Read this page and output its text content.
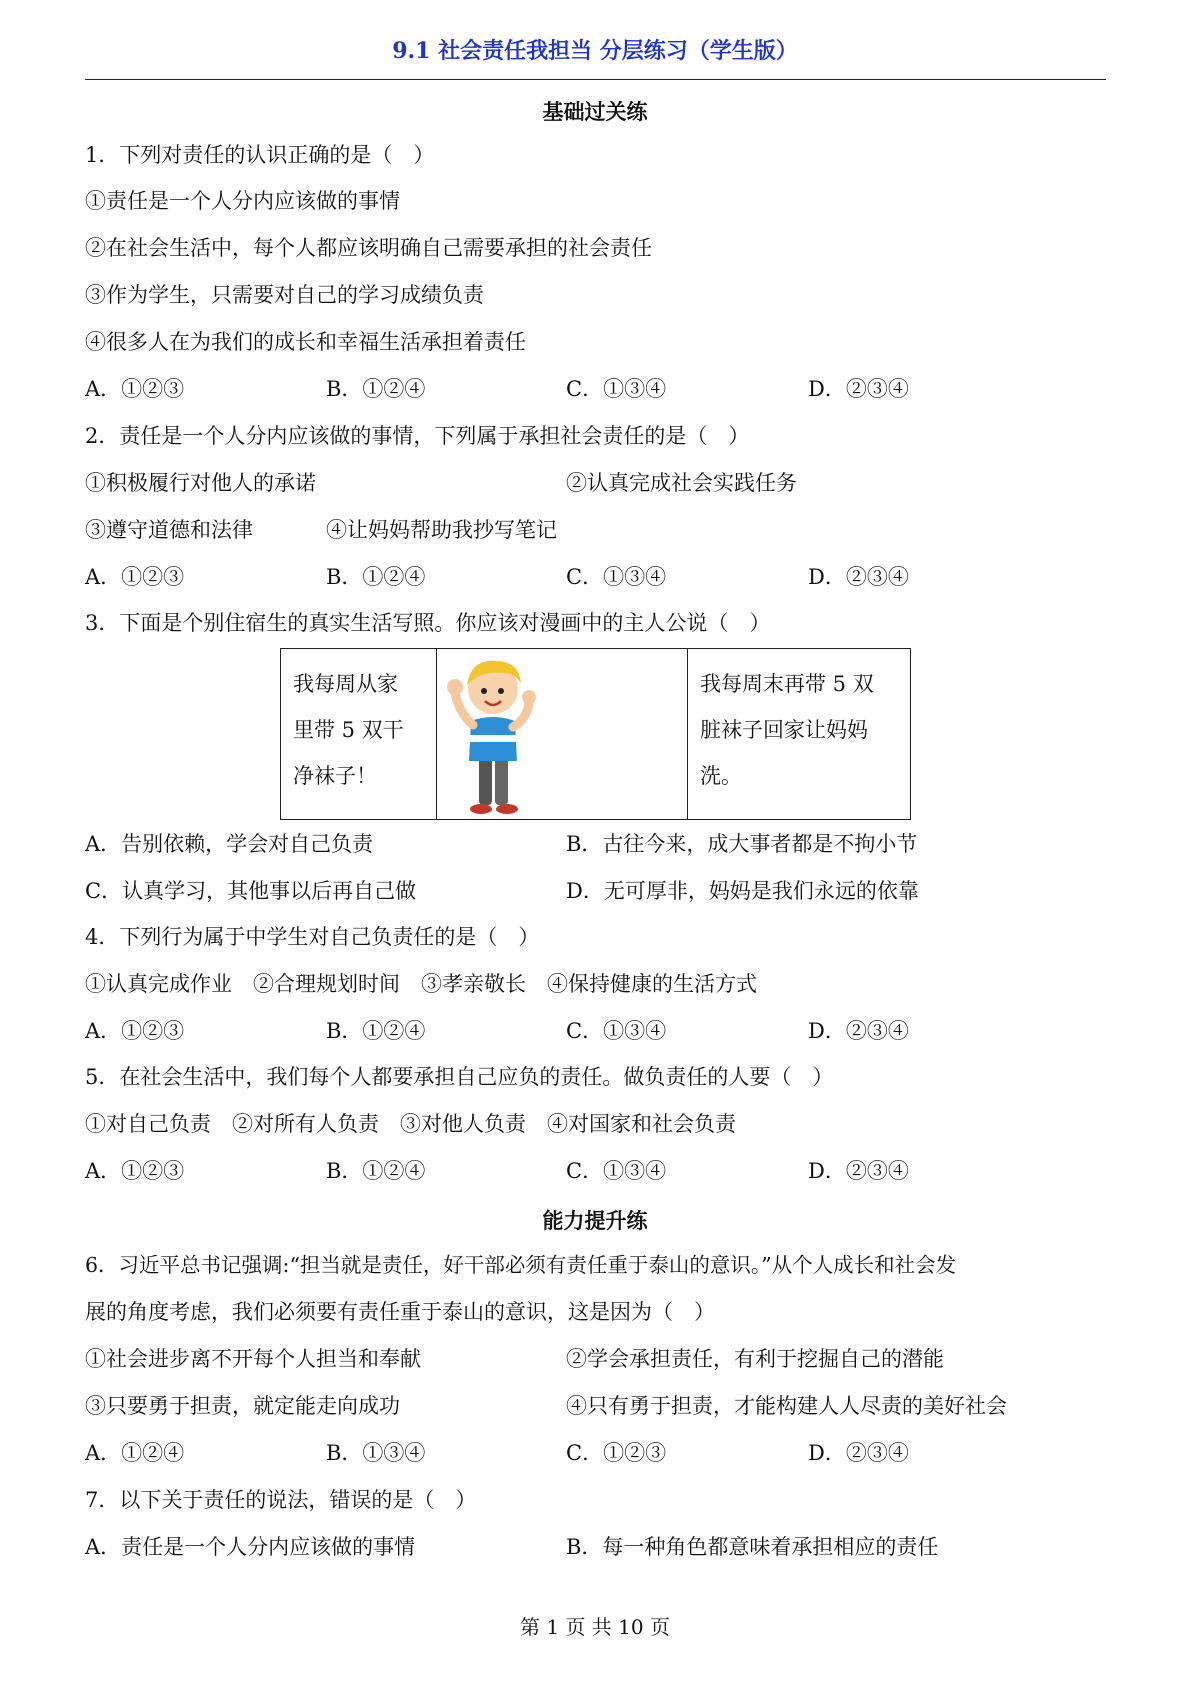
9.1 社会责任我担当 分层练习（学生版）
基础过关练
1．下列对责任的认识正确的是（　）
①责任是一个人分内应该做的事情
②在社会生活中，每个人都应该明确自己需要承担的社会责任
③作为学生，只需要对自己的学习成绩负责
④很多人在为我们的成长和幸福生活承担着责任
A．①②③	B．①②④	C．①③④	D．②③④
2．责任是一个人分内应该做的事情，下列属于承担社会责任的是（　）
①积极履行对他人的承诺	②认真完成社会实践任务
③遵守道德和法律	④让妈妈帮助我抄写笔记
A．①②③	B．①②④	C．①③④	D．②③④
3．下面是个别住宿生的真实生活写照。你应该对漫画中的主人公说（　）
我每周从家
里带 5 双干
净袜子！
我每周末再带 5 双
脏袜子回家让妈妈
洗。
A．告别依赖，学会对自己负责	B．古往今来，成大事者都是不拘小节
C．认真学习，其他事以后再自己做	D．无可厚非，妈妈是我们永远的依靠
4．下列行为属于中学生对自己负责任的是（　）
①认真完成作业　②合理规划时间　③孝亲敬长　④保持健康的生活方式
A．①②③	B．①②④	C．①③④	D．②③④
5．在社会生活中，我们每个人都要承担自己应负的责任。做负责任的人要（　）
①对自己负责　②对所有人负责　③对他人负责　④对国家和社会负责
A．①②③	B．①②④	C．①③④	D．②③④
能力提升练
6．习近平总书记强调:“担当就是责任，好干部必须有责任重于泰山的意识。”从个人成长和社会发
展的角度考虑，我们必须要有责任重于泰山的意识，这是因为（　）
①社会进步离不开每个人担当和奉献	②学会承担责任，有利于挖掘自己的潜能
③只要勇于担责，就定能走向成功	④只有勇于担责，才能构建人人尽责的美好社会
A．①②④	B．①③④	C．①②③	D．②③④
7．以下关于责任的说法，错误的是（　）
A．责任是一个人分内应该做的事情	B．每一种角色都意味着承担相应的责任
第 1 页 共 10 页
